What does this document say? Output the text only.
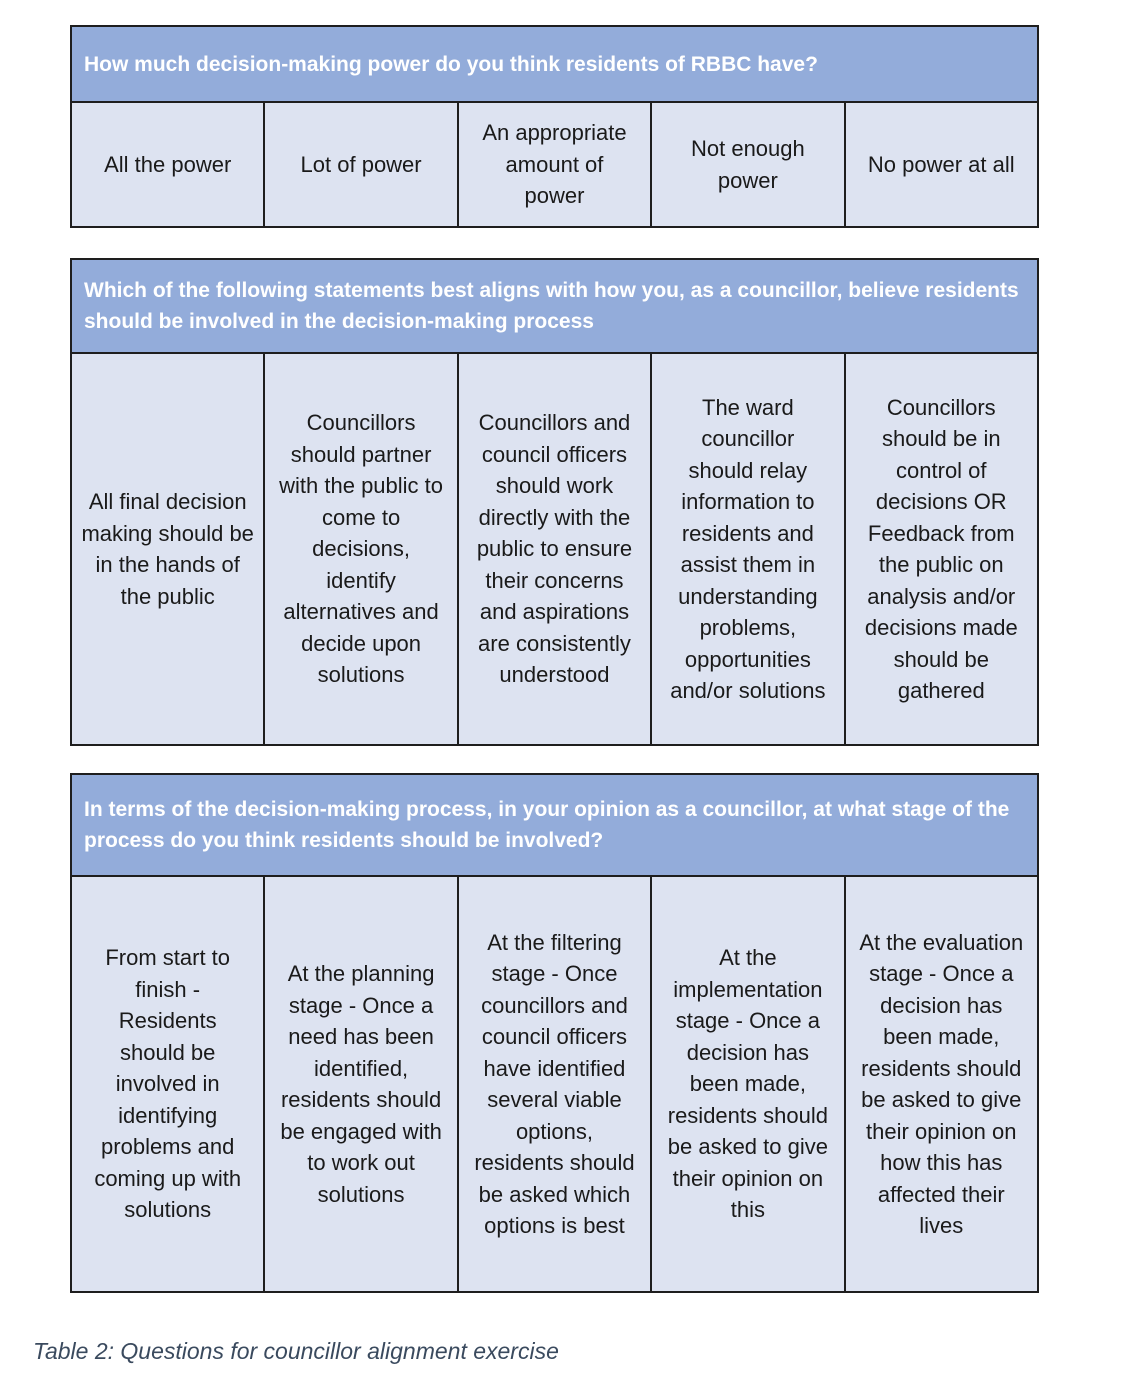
How much decision-making power do you think residents of RBBC have?
All the power	Lot of power	An appropriate amount of power	Not enough power	No power at all
Which of the following statements best aligns with how you, as a councillor, believe residents should be involved in the decision-making process
All final decision making should be in the hands of the public	Councillors should partner with the public to come to decisions, identify alternatives and decide upon solutions	Councillors and council officers should work directly with the public to ensure their concerns and aspirations are consistently understood	The ward councillor should relay information to residents and assist them in understanding problems, opportunities and/or solutions	Councillors should be in control of decisions OR Feedback from the public on analysis and/or decisions made should be gathered
In terms of the decision-making process, in your opinion as a councillor, at what stage of the process do you think residents should be involved?
From start to finish - Residents should be involved in identifying problems and coming up with solutions	At the planning stage - Once a need has been identified, residents should be engaged with to work out solutions	At the filtering stage - Once councillors and council officers have identified several viable options, residents should be asked which options is best	At the implementation stage - Once a decision has been made, residents should be asked to give their opinion on this	At the evaluation stage - Once a decision has been made, residents should be asked to give their opinion on how this has affected their lives

Table 2: Questions for councillor alignment exercise
